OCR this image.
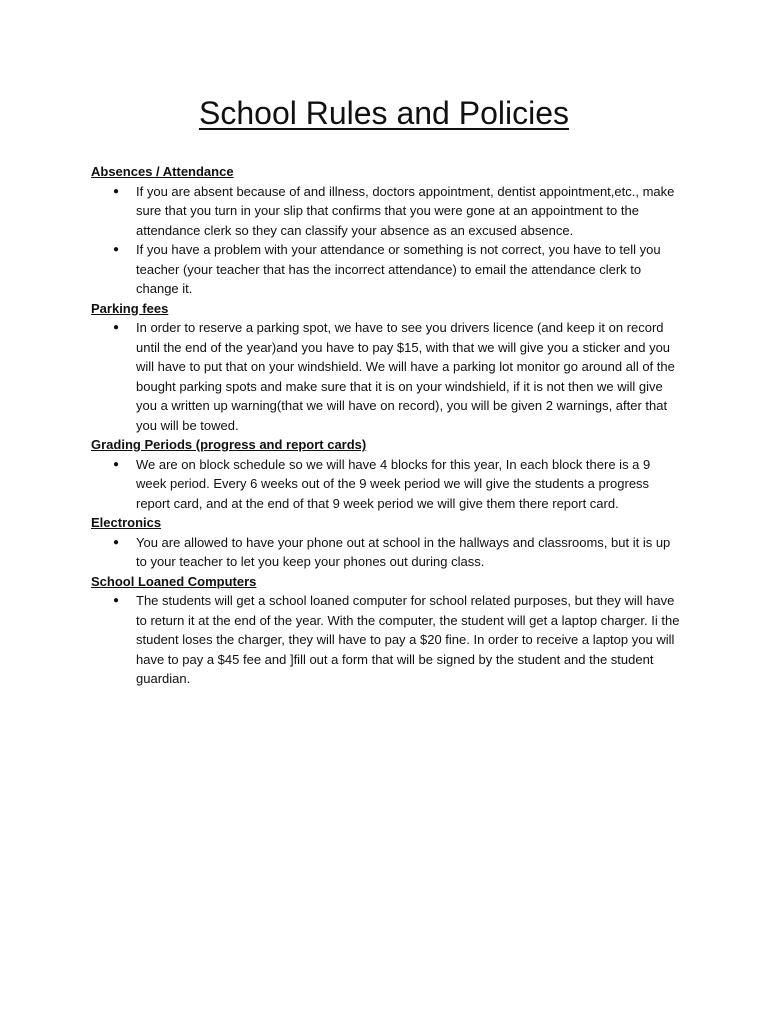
School Rules and Policies

Absences / Attendance

● If you are absent because of and illness, doctors appointment, dentist appointment,etc., make sure that you turn in your slip that confirms that you were gone at an appointment to the attendance clerk so they can classify your absence as an excused absence.
● If you have a problem with your attendance or something is not correct, you have to tell you teacher (your teacher that has the incorrect attendance) to email the attendance clerk to change it.

Parking fees

● In order to reserve a parking spot, we have to see you drivers licence (and keep it on record until the end of the year)and you have to pay $15, with that we will give you a sticker and you will have to put that on your windshield. We will have a parking lot monitor go around all of the bought parking spots and make sure that it is on your windshield, if it is not then we will give you a written up warning(that we will have on record), you will be given 2 warnings, after that you will be towed.

Grading Periods (progress and report cards)

● We are on block schedule so we will have 4 blocks for this year, In each block there is a 9 week period. Every 6 weeks out of the 9 week period we will give the students a progress report card, and at the end of that 9 week period we will give them there report card.

Electronics

● You are allowed to have your phone out at school in the hallways and classrooms, but it is up to your teacher to let you keep your phones out during class.

School Loaned Computers

● The students will get a school loaned computer for school related purposes, but they will have to return it at the end of the year. With the computer, the student will get a laptop charger. Ii the student loses the charger, they will have to pay a $20 fine. In order to receive a laptop you will have to pay a $45 fee and ]fill out a form that will be signed by the student and the student guardian.
